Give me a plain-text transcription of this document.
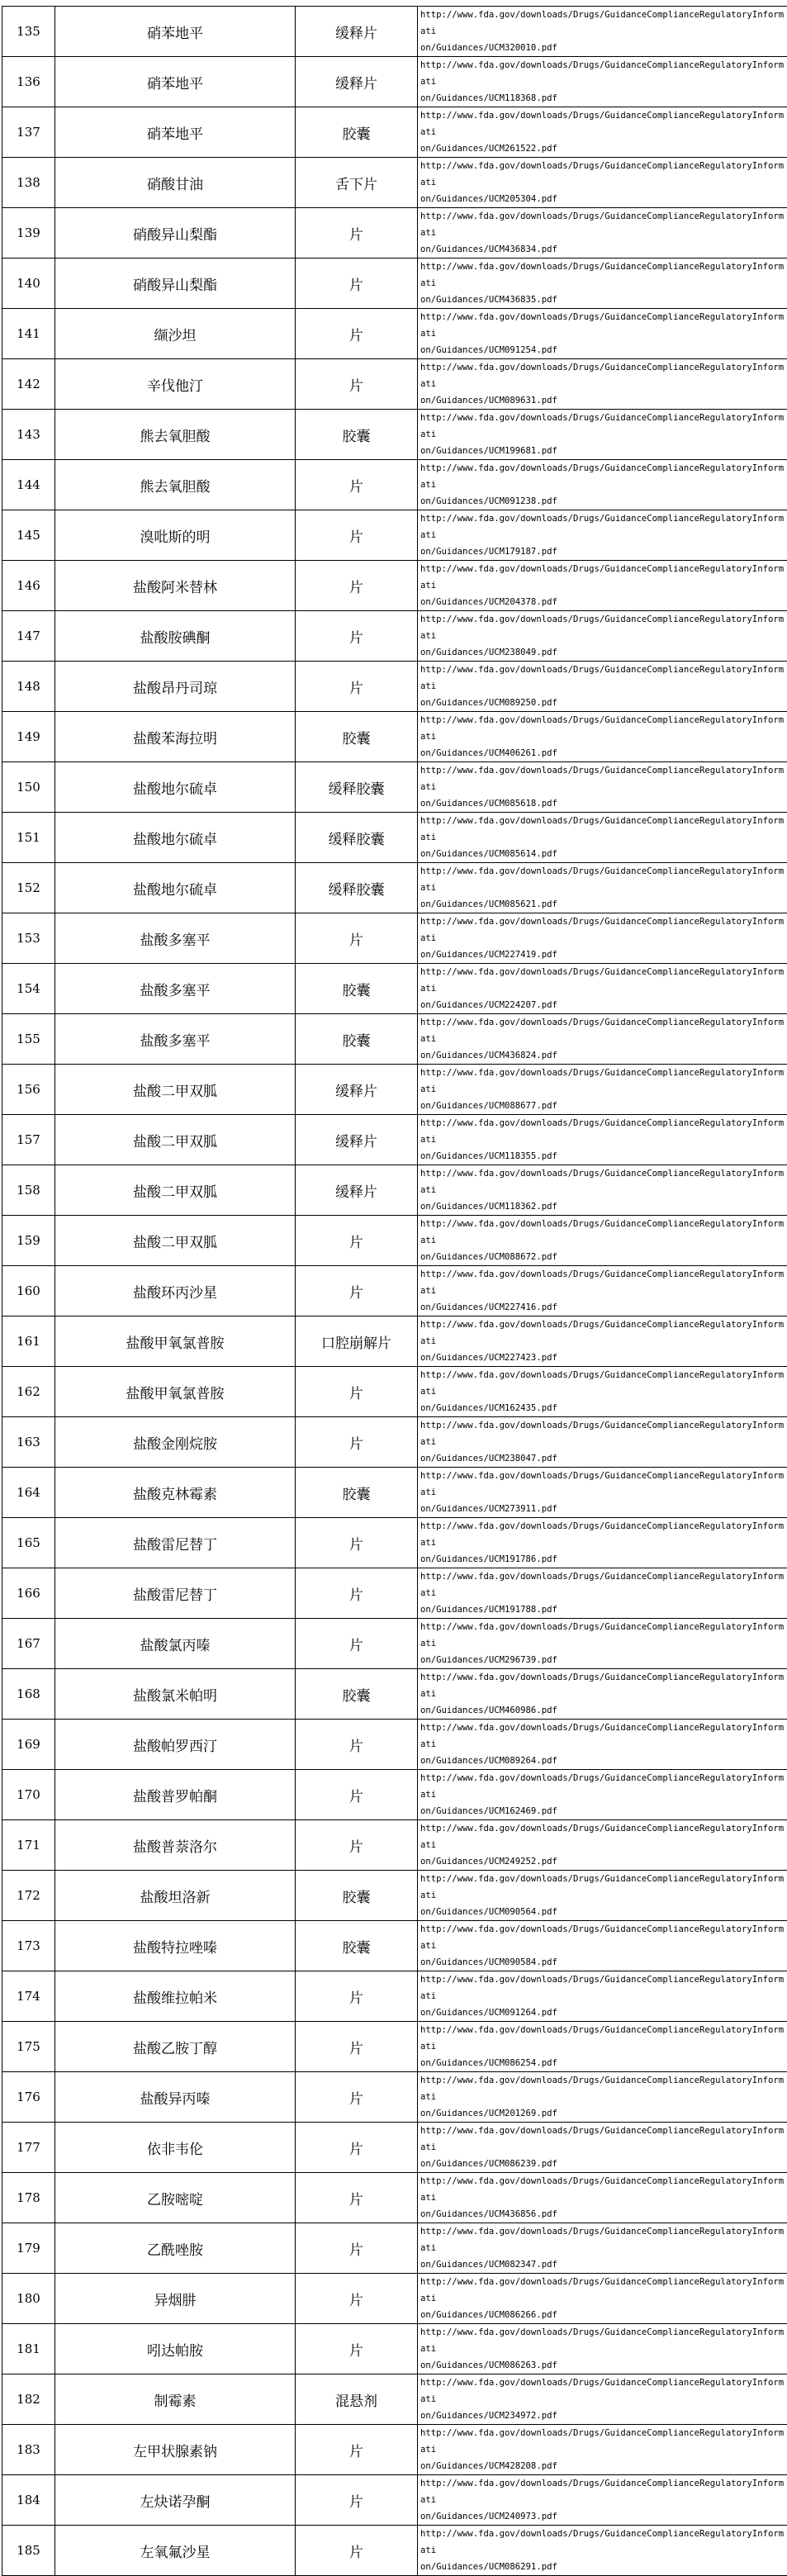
135	硝苯地平	缓释片	http://www.fda.gov/downloads/Drugs/GuidanceComplianceRegulatoryInformati
on/Guidances/UCM320010.pdf

136	硝苯地平	缓释片	http://www.fda.gov/downloads/Drugs/GuidanceComplianceRegulatoryInformati
on/Guidances/UCM118368.pdf

137	硝苯地平	胶囊	http://www.fda.gov/downloads/Drugs/GuidanceComplianceRegulatoryInformati
on/Guidances/UCM261522.pdf

138	硝酸甘油	舌下片	http://www.fda.gov/downloads/Drugs/GuidanceComplianceRegulatoryInformati
on/Guidances/UCM205304.pdf

139	硝酸异山梨酯	片	http://www.fda.gov/downloads/Drugs/GuidanceComplianceRegulatoryInformati
on/Guidances/UCM436834.pdf

140	硝酸异山梨酯	片	http://www.fda.gov/downloads/Drugs/GuidanceComplianceRegulatoryInformati
on/Guidances/UCM436835.pdf

141	缬沙坦	片	http://www.fda.gov/downloads/Drugs/GuidanceComplianceRegulatoryInformati
on/Guidances/UCM091254.pdf

142	辛伐他汀	片	http://www.fda.gov/downloads/Drugs/GuidanceComplianceRegulatoryInformati
on/Guidances/UCM089631.pdf

143	熊去氧胆酸	胶囊	http://www.fda.gov/downloads/Drugs/GuidanceComplianceRegulatoryInformati
on/Guidances/UCM199681.pdf

144	熊去氧胆酸	片	http://www.fda.gov/downloads/Drugs/GuidanceComplianceRegulatoryInformati
on/Guidances/UCM091238.pdf

145	溴吡斯的明	片	http://www.fda.gov/downloads/Drugs/GuidanceComplianceRegulatoryInformati
on/Guidances/UCM179187.pdf

146	盐酸阿米替林	片	http://www.fda.gov/downloads/Drugs/GuidanceComplianceRegulatoryInformati
on/Guidances/UCM204378.pdf

147	盐酸胺碘酮	片	http://www.fda.gov/downloads/Drugs/GuidanceComplianceRegulatoryInformati
on/Guidances/UCM238049.pdf

148	盐酸昂丹司琼	片	http://www.fda.gov/downloads/Drugs/GuidanceComplianceRegulatoryInformati
on/Guidances/UCM089250.pdf

149	盐酸苯海拉明	胶囊	http://www.fda.gov/downloads/Drugs/GuidanceComplianceRegulatoryInformati
on/Guidances/UCM406261.pdf

150	盐酸地尔硫卓	缓释胶囊	http://www.fda.gov/downloads/Drugs/GuidanceComplianceRegulatoryInformati
on/Guidances/UCM085618.pdf

151	盐酸地尔硫卓	缓释胶囊	http://www.fda.gov/downloads/Drugs/GuidanceComplianceRegulatoryInformati
on/Guidances/UCM085614.pdf

152	盐酸地尔硫卓	缓释胶囊	http://www.fda.gov/downloads/Drugs/GuidanceComplianceRegulatoryInformati
on/Guidances/UCM085621.pdf

153	盐酸多塞平	片	http://www.fda.gov/downloads/Drugs/GuidanceComplianceRegulatoryInformati
on/Guidances/UCM227419.pdf

154	盐酸多塞平	胶囊	http://www.fda.gov/downloads/Drugs/GuidanceComplianceRegulatoryInformati
on/Guidances/UCM224207.pdf

155	盐酸多塞平	胶囊	http://www.fda.gov/downloads/Drugs/GuidanceComplianceRegulatoryInformati
on/Guidances/UCM436824.pdf

156	盐酸二甲双胍	缓释片	http://www.fda.gov/downloads/Drugs/GuidanceComplianceRegulatoryInformati
on/Guidances/UCM088677.pdf

157	盐酸二甲双胍	缓释片	http://www.fda.gov/downloads/Drugs/GuidanceComplianceRegulatoryInformati
on/Guidances/UCM118355.pdf

158	盐酸二甲双胍	缓释片	http://www.fda.gov/downloads/Drugs/GuidanceComplianceRegulatoryInformati
on/Guidances/UCM118362.pdf

159	盐酸二甲双胍	片	http://www.fda.gov/downloads/Drugs/GuidanceComplianceRegulatoryInformati
on/Guidances/UCM088672.pdf

160	盐酸环丙沙星	片	http://www.fda.gov/downloads/Drugs/GuidanceComplianceRegulatoryInformati
on/Guidances/UCM227416.pdf

161	盐酸甲氧氯普胺	口腔崩解片	http://www.fda.gov/downloads/Drugs/GuidanceComplianceRegulatoryInformati
on/Guidances/UCM227423.pdf

162	盐酸甲氧氯普胺	片	http://www.fda.gov/downloads/Drugs/GuidanceComplianceRegulatoryInformati
on/Guidances/UCM162435.pdf

163	盐酸金刚烷胺	片	http://www.fda.gov/downloads/Drugs/GuidanceComplianceRegulatoryInformati
on/Guidances/UCM238047.pdf

164	盐酸克林霉素	胶囊	http://www.fda.gov/downloads/Drugs/GuidanceComplianceRegulatoryInformati
on/Guidances/UCM273911.pdf

165	盐酸雷尼替丁	片	http://www.fda.gov/downloads/Drugs/GuidanceComplianceRegulatoryInformati
on/Guidances/UCM191786.pdf

166	盐酸雷尼替丁	片	http://www.fda.gov/downloads/Drugs/GuidanceComplianceRegulatoryInformati
on/Guidances/UCM191788.pdf

167	盐酸氯丙嗪	片	http://www.fda.gov/downloads/Drugs/GuidanceComplianceRegulatoryInformati
on/Guidances/UCM296739.pdf

168	盐酸氯米帕明	胶囊	http://www.fda.gov/downloads/Drugs/GuidanceComplianceRegulatoryInformati
on/Guidances/UCM460986.pdf

169	盐酸帕罗西汀	片	http://www.fda.gov/downloads/Drugs/GuidanceComplianceRegulatoryInformati
on/Guidances/UCM089264.pdf

170	盐酸普罗帕酮	片	http://www.fda.gov/downloads/Drugs/GuidanceComplianceRegulatoryInformati
on/Guidances/UCM162469.pdf

171	盐酸普萘洛尔	片	http://www.fda.gov/downloads/Drugs/GuidanceComplianceRegulatoryInformati
on/Guidances/UCM249252.pdf

172	盐酸坦洛新	胶囊	http://www.fda.gov/downloads/Drugs/GuidanceComplianceRegulatoryInformati
on/Guidances/UCM090564.pdf

173	盐酸特拉唑嗪	胶囊	http://www.fda.gov/downloads/Drugs/GuidanceComplianceRegulatoryInformati
on/Guidances/UCM090584.pdf

174	盐酸维拉帕米	片	http://www.fda.gov/downloads/Drugs/GuidanceComplianceRegulatoryInformati
on/Guidances/UCM091264.pdf

175	盐酸乙胺丁醇	片	http://www.fda.gov/downloads/Drugs/GuidanceComplianceRegulatoryInformati
on/Guidances/UCM086254.pdf

176	盐酸异丙嗪	片	http://www.fda.gov/downloads/Drugs/GuidanceComplianceRegulatoryInformati
on/Guidances/UCM201269.pdf

177	依非韦伦	片	http://www.fda.gov/downloads/Drugs/GuidanceComplianceRegulatoryInformati
on/Guidances/UCM086239.pdf

178	乙胺嘧啶	片	http://www.fda.gov/downloads/Drugs/GuidanceComplianceRegulatoryInformati
on/Guidances/UCM436856.pdf

179	乙酰唑胺	片	http://www.fda.gov/downloads/Drugs/GuidanceComplianceRegulatoryInformati
on/Guidances/UCM082347.pdf

180	异烟肼	片	http://www.fda.gov/downloads/Drugs/GuidanceComplianceRegulatoryInformati
on/Guidances/UCM086266.pdf

181	吲达帕胺	片	http://www.fda.gov/downloads/Drugs/GuidanceComplianceRegulatoryInformati
on/Guidances/UCM086263.pdf

182	制霉素	混悬剂	http://www.fda.gov/downloads/Drugs/GuidanceComplianceRegulatoryInformati
on/Guidances/UCM234972.pdf

183	左甲状腺素钠	片	http://www.fda.gov/downloads/Drugs/GuidanceComplianceRegulatoryInformati
on/Guidances/UCM428208.pdf

184	左炔诺孕酮	片	http://www.fda.gov/downloads/Drugs/GuidanceComplianceRegulatoryInformati
on/Guidances/UCM240973.pdf

185	左氧氟沙星	片	http://www.fda.gov/downloads/Drugs/GuidanceComplianceRegulatoryInformati
on/Guidances/UCM086291.pdf
